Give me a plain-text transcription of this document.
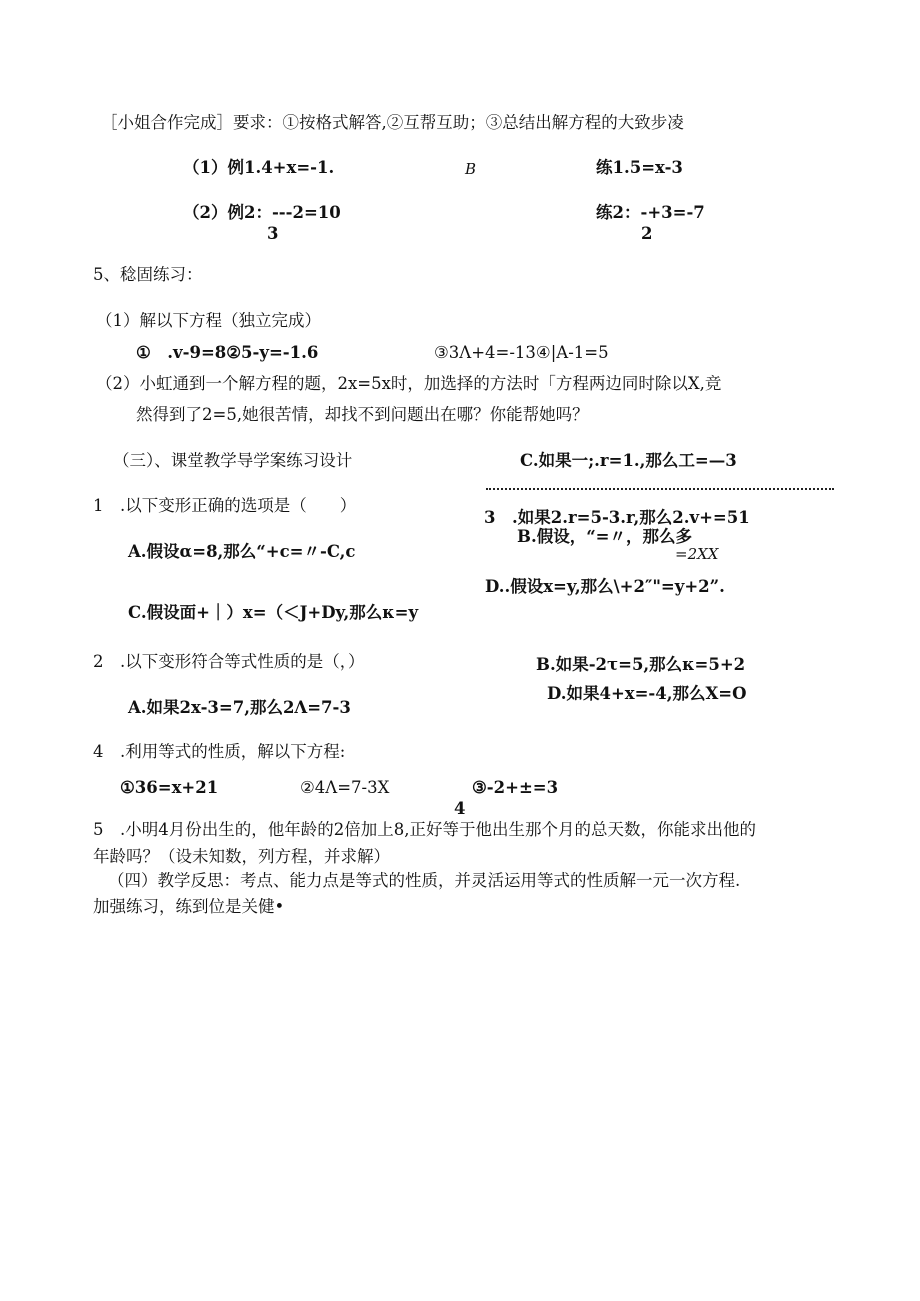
［小姐合作完成］要求：①按格式解答,②互帮互助；③总结出解方程的大致步凌
（1）例1.4+x=-1.	B	练1.5=x-3
（2）例2：---2=10
3
练2：-+3=-7
2
5、稔固练习：
（1）解以下方程（独立完成）
①　.v-9=8②5-y=-1.6	③3Λ+4=-13④|A-1=5
（2）小虹通到一个解方程的题，2x=5x时，加选择的方法时「方程两边同时除以X,竞
然得到了2=5,她很苦情，却找不到问题出在哪？你能帮她吗？
（三）、课堂教学导学案练习设计	C.如果一;.r=1.,那么工=—3
1　.以下变形正确的选项是（　　）
3　.如果2.r=5-3.r,那么2.v+=51
B.假设，“=〃，那么多
=2XX
A.假设α=8,那么“+c=〃-C,c
D..假设x=y,那么\+2″"=y+2”.
C.假设面+｜）x=（＜J+Dy,那么κ=y
2　.以下变形符合等式性质的是（，）	B.如果-2τ=5,那么κ=5+2
D.如果4+x=-4,那么X=O
A.如果2x-3=7,那么2Λ=7-3
4　.利用等式的性质，解以下方程:
①36=x+21	②4Λ=7-3X	③-2+±=3
4
5　.小明4月份出生的，他年龄的2倍加上8,正好等于他出生那个月的总天数，你能求出他的
年龄吗？（设未知数，列方程，并求解）
（四）教学反思：考点、能力点是等式的性质，并灵活运用等式的性质解一元一次方程.
加强练习，练到位是关健•
